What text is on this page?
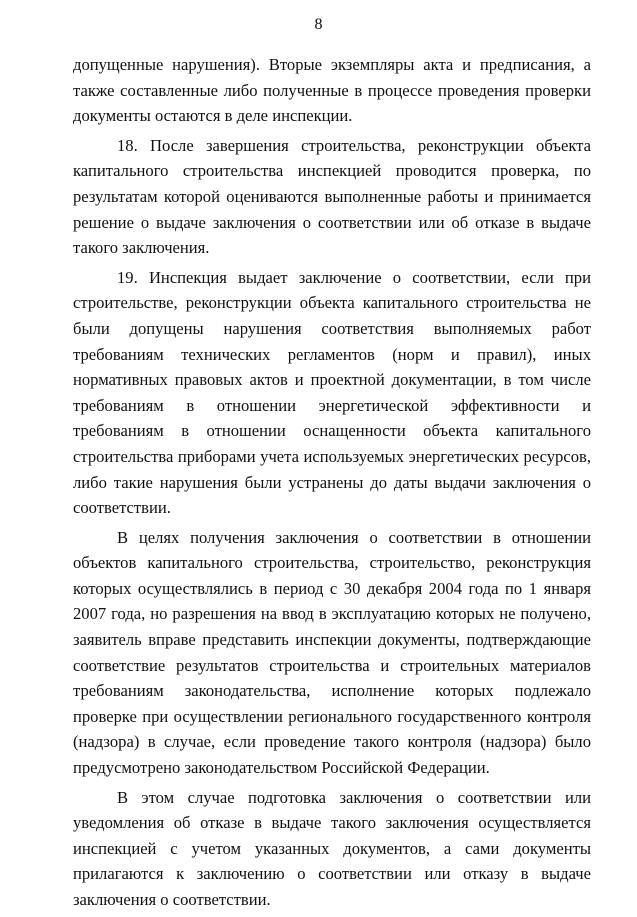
8

допущенные нарушения). Вторые экземпляры акта и предписания, а также составленные либо полученные в процессе проведения проверки документы остаются в деле инспекции.

18. После завершения строительства, реконструкции объекта капитального строительства инспекцией проводится проверка, по результатам которой оцениваются выполненные работы и принимается решение о выдаче заключения о соответствии или об отказе в выдаче такого заключения.

19. Инспекция выдает заключение о соответствии, если при строительстве, реконструкции объекта капитального строительства не были допущены нарушения соответствия выполняемых работ требованиям технических регламентов (норм и правил), иных нормативных правовых актов и проектной документации, в том числе требованиям в отношении энергетической эффективности и требованиям в отношении оснащенности объекта капитального строительства приборами учета используемых энергетических ресурсов, либо такие нарушения были устранены до даты выдачи заключения о соответствии.

В целях получения заключения о соответствии в отношении объектов капитального строительства, строительство, реконструкция которых осуществлялись в период с 30 декабря 2004 года по 1 января 2007 года, но разрешения на ввод в эксплуатацию которых не получено, заявитель вправе представить инспекции документы, подтверждающие соответствие результатов строительства и строительных материалов требованиям законодательства, исполнение которых подлежало проверке при осуществлении регионального государственного контроля (надзора) в случае, если проведение такого контроля (надзора) было предусмотрено законодательством Российской Федерации.

В этом случае подготовка заключения о соответствии или уведомления об отказе в выдаче такого заключения осуществляется инспекцией с учетом указанных документов, а сами документы прилагаются к заключению о соответствии или отказу в выдаче заключения о соответствии.
